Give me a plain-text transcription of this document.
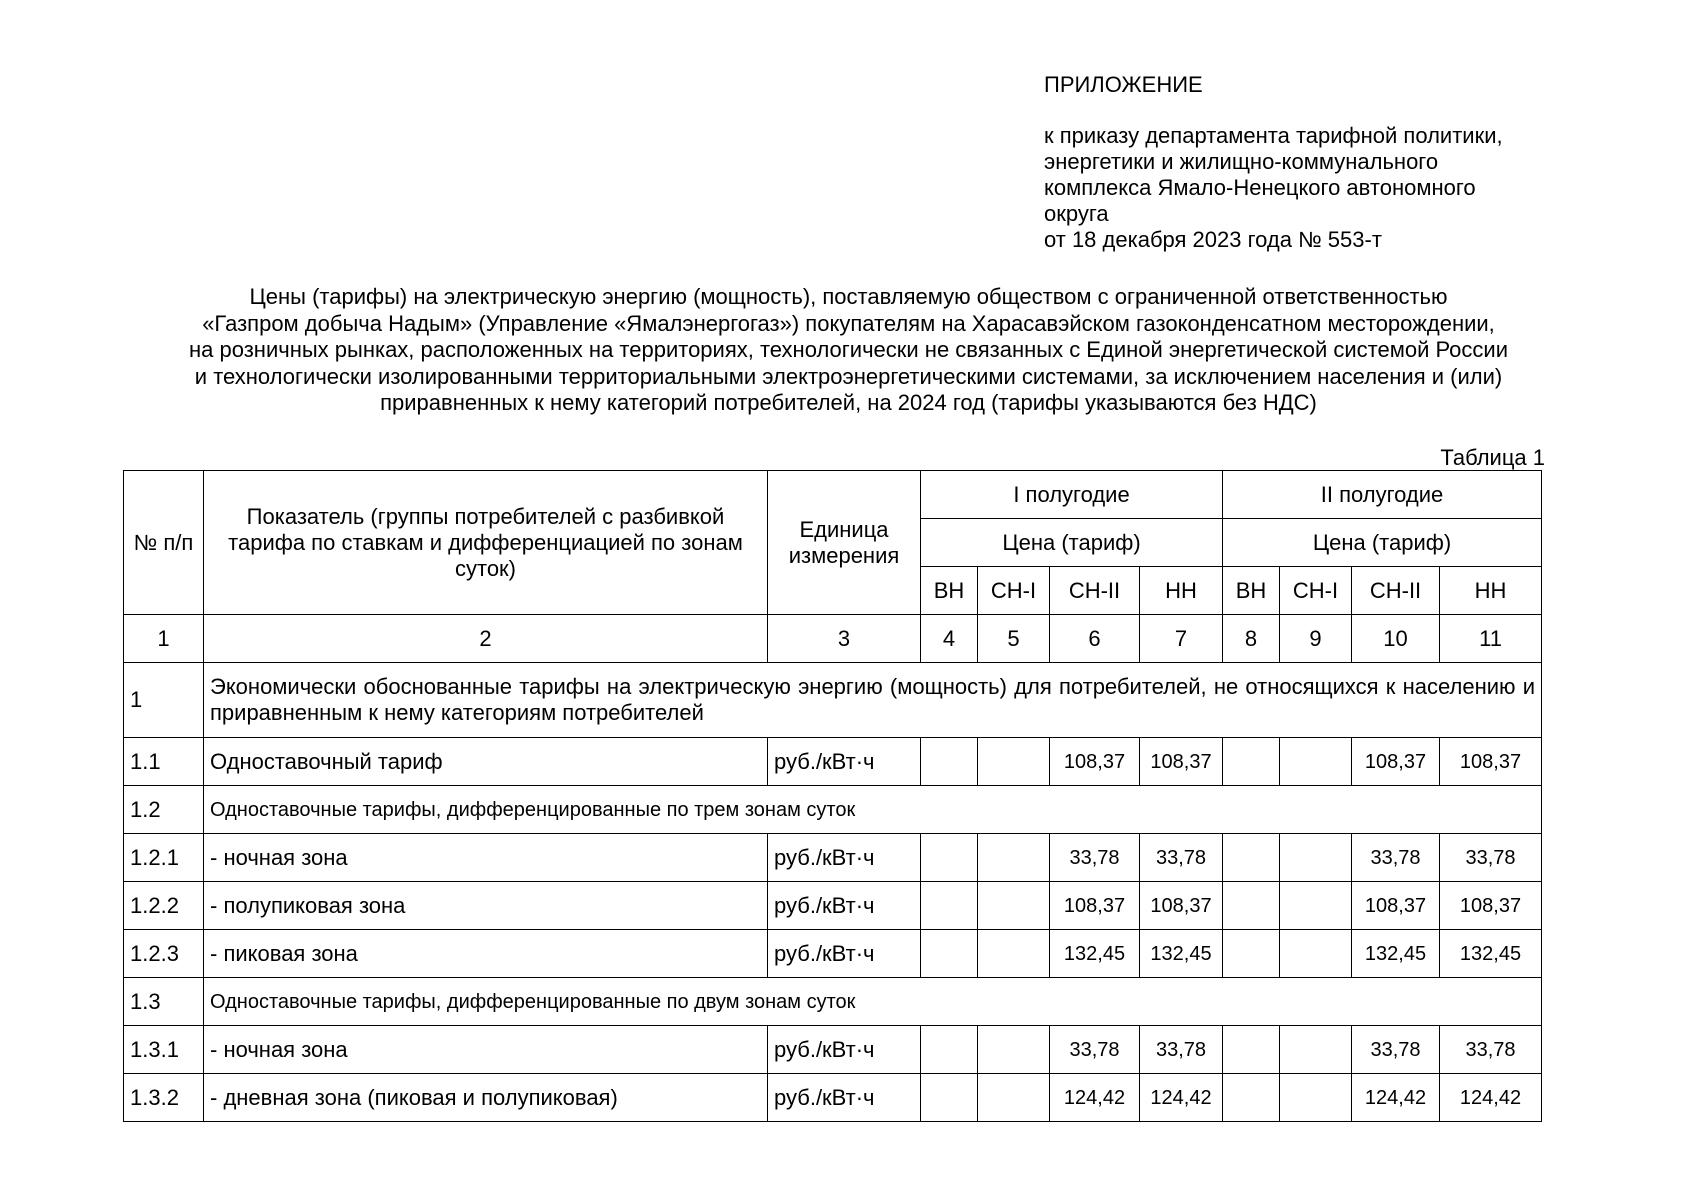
ПРИЛОЖЕНИЕ
к приказу департамента тарифной политики,
энергетики и жилищно-коммунального
комплекса Ямало-Ненецкого автономного
округа
от 18 декабря 2023 года № 553-т
Цены (тарифы) на электрическую энергию (мощность), поставляемую обществом с ограниченной ответственностью
«Газпром добыча Надым» (Управление «Ямалэнергогаз») покупателям на Харасавэйском газоконденсатном месторождении,
на розничных рынках, расположенных на территориях, технологически не связанных с Единой энергетической системой России
и технологически изолированными территориальными электроэнергетическими системами, за исключением населения и (или)
приравненных к нему категорий потребителей, на 2024 год (тарифы указываются без НДС)
Таблица 1
№ п/п	Показатель (группы потребителей с разбивкой тарифа по ставкам и дифференциацией по зонам суток)	Единица измерения	I полугодие				II полугодие			
			Цена (тариф)				Цена (тариф)			
			ВН	СН-I	СН-II	НН	ВН	СН-I	СН-II	НН
1	2	3	4	5	6	7	8	9	10	11
1	Экономически обоснованные тарифы на электрическую энергию (мощность) для потребителей, не относящихся к населению и приравненным к нему категориям потребителей									
1.1	Одноставочный тариф	руб./кВт·ч			108,37	108,37			108,37	108,37
1.2	Одноставочные тарифы, дифференцированные по трем зонам суток									
1.2.1	- ночная зона	руб./кВт·ч			33,78	33,78			33,78	33,78
1.2.2	- полупиковая зона	руб./кВт·ч			108,37	108,37			108,37	108,37
1.2.3	- пиковая зона	руб./кВт·ч			132,45	132,45			132,45	132,45
1.3	Одноставочные тарифы, дифференцированные по двум зонам суток									
1.3.1	- ночная зона	руб./кВт·ч			33,78	33,78			33,78	33,78
1.3.2	- дневная зона (пиковая и полупиковая)	руб./кВт·ч			124,42	124,42			124,42	124,42
